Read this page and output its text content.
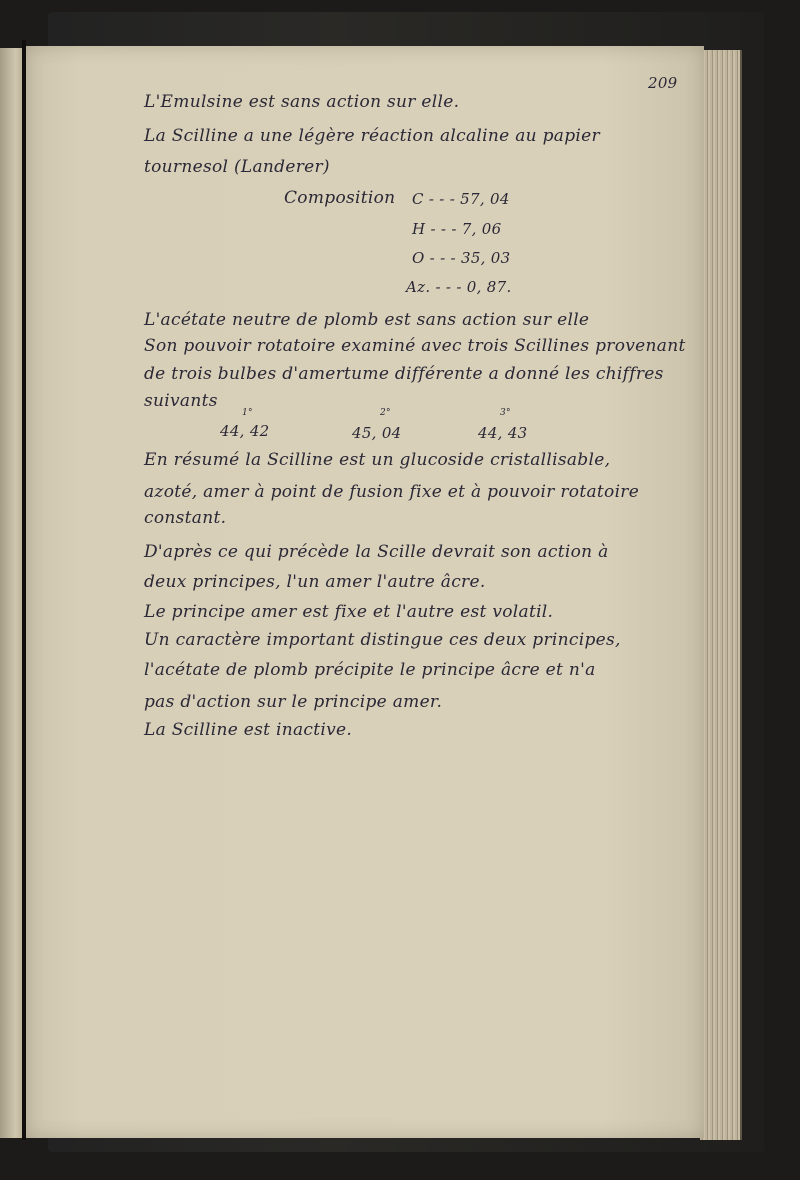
209
L'Emulsine est sans action sur elle.
La Scilline a une légère réaction alcaline au papier
tournesol (Landerer)
Composition C - - - 57, 04
H - - - 7, 06
O - - - 35, 03
Az. - - - 0, 87.
L'acétate neutre de plomb est sans action sur elle
Son pouvoir rotatoire examiné avec trois Scillines provenant
de trois bulbes d'amertume différente a donné les chiffres
suivants
1°	2°	3°
44, 42	45, 04	44, 43
En résumé la Scilline est un glucoside cristallisable,
azoté, amer à point de fusion fixe et à pouvoir rotatoire
constant.
D'après ce qui précède la Scille devrait son action à
deux principes, l'un amer l'autre âcre.
Le principe amer est fixe et l'autre est volatil.
Un caractère important distingue ces deux principes,
l'acétate de plomb précipite le principe âcre et n'a
pas d'action sur le principe amer.
La Scilline est inactive.
